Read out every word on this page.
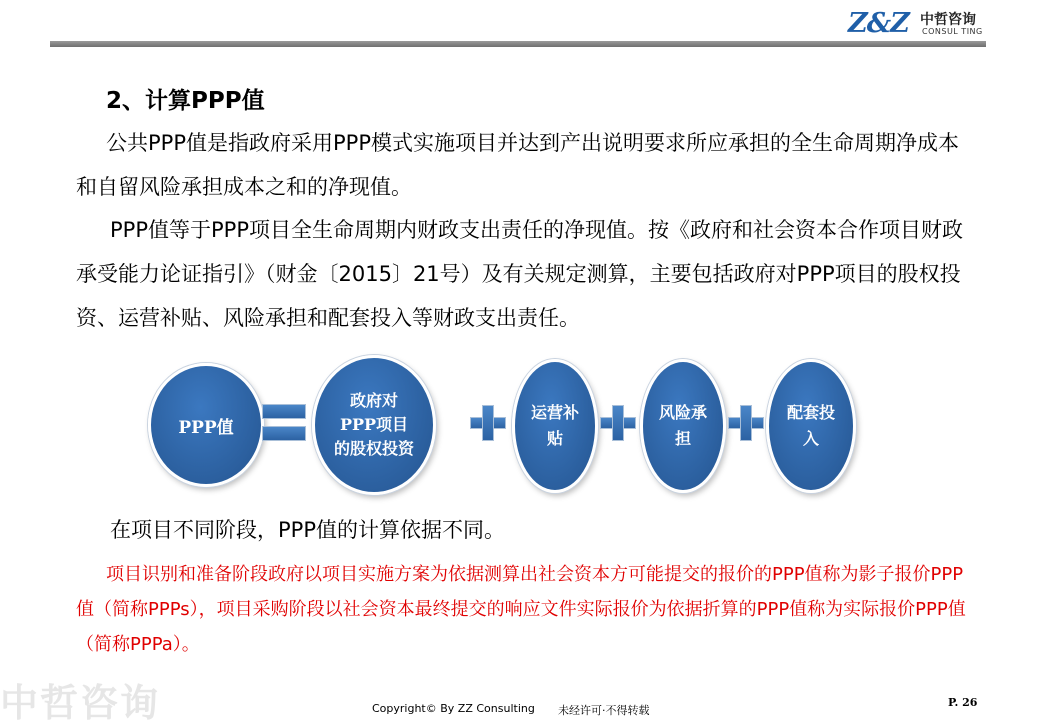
Z&Z 中哲咨询
CONSUL TING
2、计算PPP值

公共PPP值是指政府采用PPP模式实施项目并达到产出说明要求所应承担的全生命周期净成本和自留风险承担成本之和的净现值。

PPP值等于PPP项目全生命周期内财政支出责任的净现值。按《政府和社会资本合作项目财政承受能力论证指引》（财金〔2015〕21号）及有关规定测算，主要包括政府对PPP项目的股权投资、运营补贴、风险承担和配套投入等财政支出责任。

PPP值
政府对PPP项目的股权投资
运营补贴
风险承担
配套投入

在项目不同阶段，PPP值的计算依据不同。

项目识别和准备阶段政府以项目实施方案为依据测算出社会资本方可能提交的报价的PPP值称为影子报价PPP值（简称PPPs），项目采购阶段以社会资本最终提交的响应文件实际报价为依据折算的PPP值称为实际报价PPP值（简称PPPa）。

中哲咨询	Copyright© By ZZ Consulting 未经许可·不得转载
P. 26
